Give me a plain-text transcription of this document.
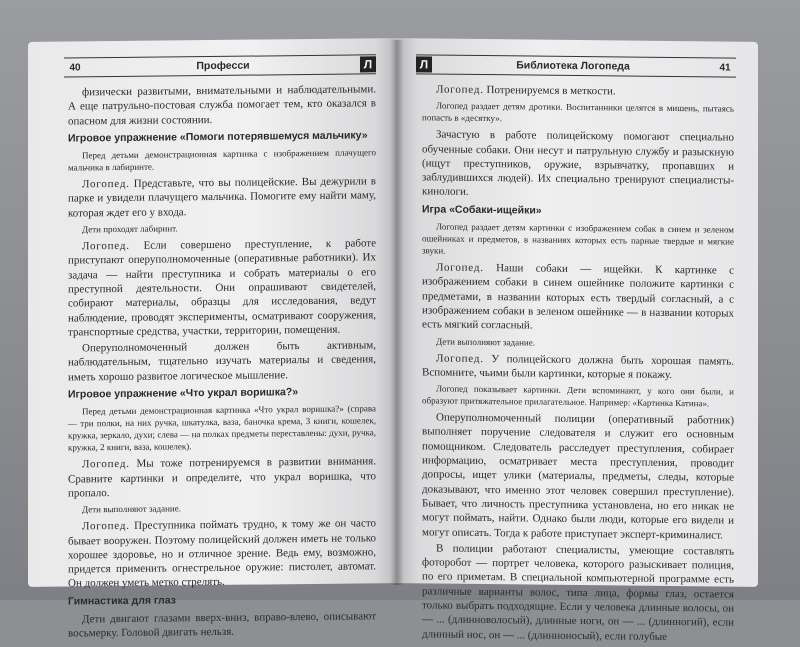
40	Професси	Л

физически развитыми, внимательными и наблюдательными. А еще патрульно-постовая служба помогает тем, кто оказался в опасном для жизни состоянии.

Игровое упражнение «Помоги потерявшемуся мальчику»

Перед детьми демонстрационная картинка с изображением плачущего мальчика в лабиринте.

Логопед. Представьте, что вы полицейские. Вы дежурили в парке и увидели плачущего мальчика. Помогите ему найти маму, которая ждет его у входа.

Дети проходят лабиринт.

Логопед. Если совершено преступление, к работе приступают оперуполномоченные (оперативные работники). Их задача — найти преступника и собрать материалы о его преступной деятельности. Они опрашивают свидетелей, собирают материалы, образцы для исследования, ведут наблюдение, проводят эксперименты, осматривают сооружения, транспортные средства, участки, территории, помещения.

Оперуполномоченный должен быть активным, наблюдательным, тщательно изучать материалы и сведения, иметь хорошо развитое логическое мышление.

Игровое упражнение «Что украл воришка?»

Перед детьми демонстрационная картинка «Что украл воришка?» (справа — три полки, на них ручка, шкатулка, ваза, баночка крема, 3 книги, кошелек, кружка, зеркало, духи; слева — на полках предметы переставлены: духи, ручка, кружка, 2 книги, ваза, кошелек).

Логопед. Мы тоже потренируемся в развитии внимания. Сравните картинки и определите, что украл воришка, что пропало.

Дети выполняют задание.

Логопед. Преступника поймать трудно, к тому же он часто бывает вооружен. Поэтому полицейский должен иметь не только хорошее здоровье, но и отличное зрение. Ведь ему, возможно, придется применить огнестрельное оружие: пистолет, автомат. Он должен уметь метко стрелять.

Гимнастика для глаз

Дети двигают глазами вверх-вниз, вправо-влево, описывают восьмерку. Головой двигать нельзя.

Л	Библиотека Логопеда	41

Логопед. Потренируемся в меткости.

Логопед раздает детям дротики. Воспитанники целятся в мишень, пытаясь попасть в «десятку».

Зачастую в работе полицейскому помогают специально обученные собаки. Они несут и патрульную службу и разыскную (ищут преступников, оружие, взрывчатку, пропавших и заблудившихся людей). Их специально тренируют специалисты-кинологи.

Игра «Собаки-ищейки»

Логопед раздает детям картинки с изображением собак в синем и зеленом ошейниках и предметов, в названиях которых есть парные твердые и мягкие звуки.

Логопед. Наши собаки — ищейки. К картинке с изображением собаки в синем ошейнике положите картинки с предметами, в названии которых есть твердый согласный, а с изображением собаки в зеленом ошейнике — в названии которых есть мягкий согласный.

Дети выполняют задание.

Логопед. У полицейского должна быть хорошая память. Вспомните, чьими были картинки, которые я покажу.

Логопед показывает картинки. Дети вспоминают, у кого они были, и образуют притяжательное прилагательное. Например: «Картинка Катина».

Оперуполномоченный полиции (оперативный работник) выполняет поручение следователя и служит его основным помощником. Следователь расследует преступления, собирает информацию, осматривает места преступления, проводит допросы, ищет улики (материалы, предметы, следы, которые доказывают, что именно этот человек совершил преступление). Бывает, что личность преступника установлена, но его никак не могут поймать, найти. Однако были люди, которые его видели и могут описать. Тогда к работе приступает эксперт-криминалист.

В полиции работают специалисты, умеющие составлять фоторобот — портрет человека, которого разыскивает полиция, по его приметам. В специальной компьютерной программе есть различные варианты волос, типа лица, формы глаз, остается только выбрать подходящие. Если у человека длинные волосы, он — ... (длинноволосый), длинные ноги, он — ... (длинногий), если длинный нос, он — ... (длинноносый), если голубые
